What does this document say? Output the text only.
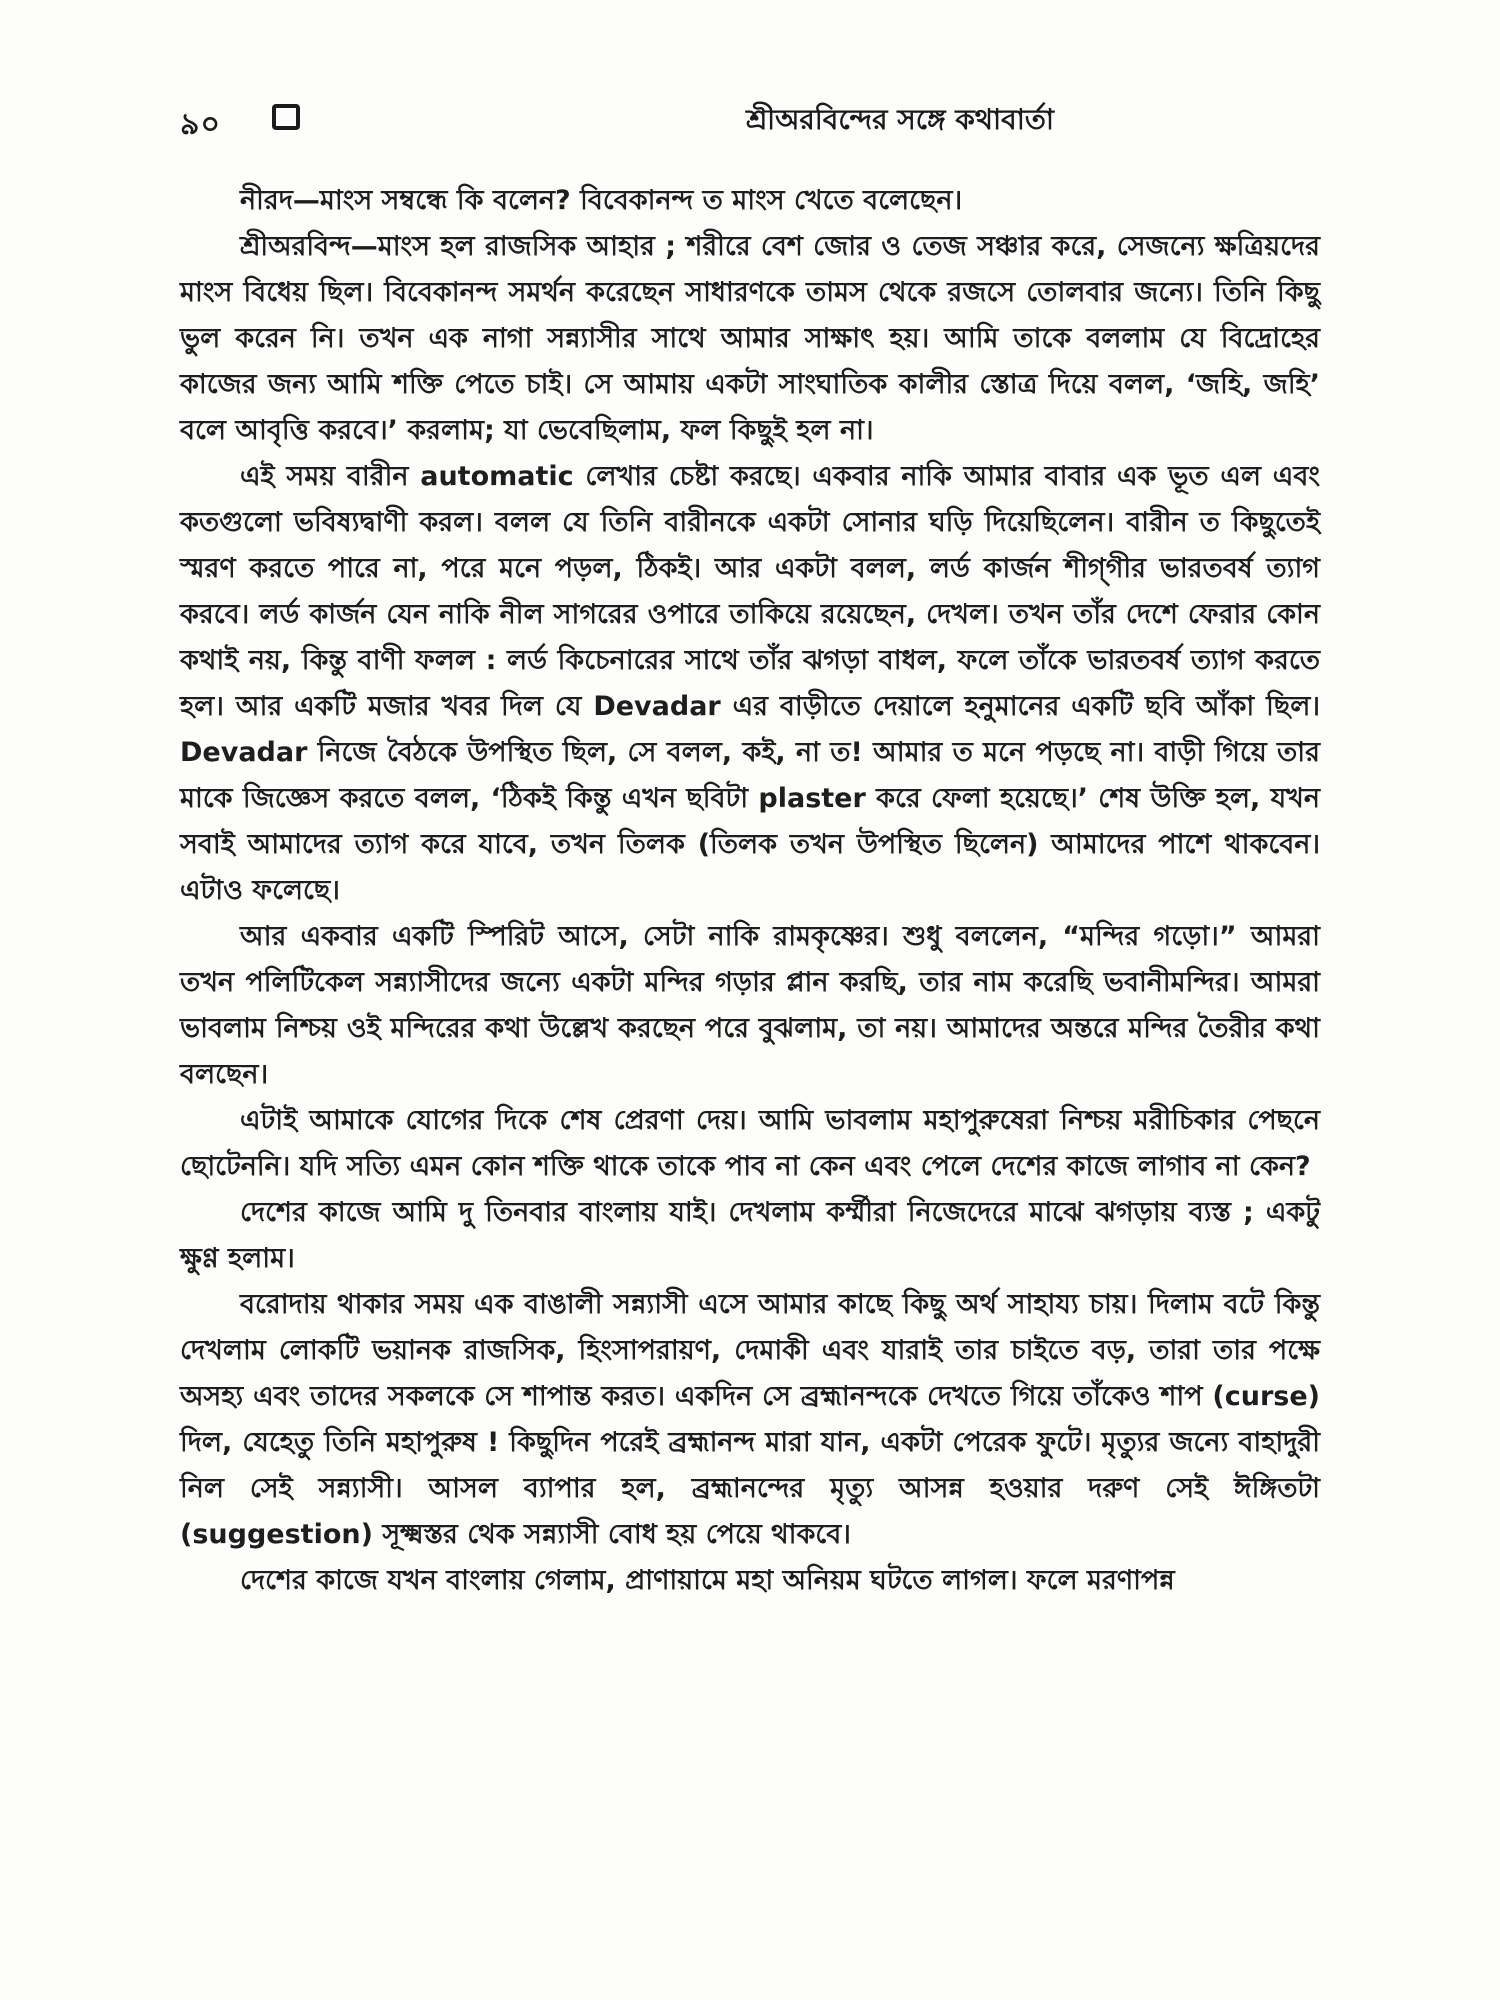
৯০	শ্রীঅরবিন্দের সঙ্গে কথাবার্তা

নীরদ—মাংস সম্বন্ধে কি বলেন? বিবেকানন্দ ত মাংস খেতে বলেছেন।

শ্রীঅরবিন্দ—মাংস হল রাজসিক আহার ; শরীরে বেশ জোর ও তেজ সঞ্চার করে, সেজন্যে ক্ষত্রিয়দের মাংস বিধেয় ছিল। বিবেকানন্দ সমর্থন করেছেন সাধারণকে তামস থেকে রজসে তোলবার জন্যে। তিনি কিছু ভুল করেন নি। তখন এক নাগা সন্ন্যাসীর সাথে আমার সাক্ষাৎ হয়। আমি তাকে বললাম যে বিদ্রোহের কাজের জন্য আমি শক্তি পেতে চাই। সে আমায় একটা সাংঘাতিক কালীর স্তোত্র দিয়ে বলল, ‘জহি, জহি’ বলে আবৃত্তি করবে।’ করলাম; যা ভেবেছিলাম, ফল কিছুই হল না।

এই সময় বারীন automatic লেখার চেষ্টা করছে। একবার নাকি আমার বাবার এক ভূত এল এবং কতগুলো ভবিষ্যদ্বাণী করল। বলল যে তিনি বারীনকে একটা সোনার ঘড়ি দিয়েছিলেন। বারীন ত কিছুতেই স্মরণ করতে পারে না, পরে মনে পড়ল, ঠিকই। আর একটা বলল, লর্ড কার্জন শীগ্‌গীর ভারতবর্ষ ত্যাগ করবে। লর্ড কার্জন যেন নাকি নীল সাগরের ওপারে তাকিয়ে রয়েছেন, দেখল। তখন তাঁর দেশে ফেরার কোন কথাই নয়, কিন্তু বাণী ফলল : লর্ড কিচেনারের সাথে তাঁর ঝগড়া বাধল, ফলে তাঁকে ভারতবর্ষ ত্যাগ করতে হল। আর একটি মজার খবর দিল যে Devadar এর বাড়ীতে দেয়ালে হনুমানের একটি ছবি আঁকা ছিল। Devadar নিজে বৈঠকে উপস্থিত ছিল, সে বলল, কই, না ত! আমার ত মনে পড়ছে না। বাড়ী গিয়ে তার মাকে জিজ্ঞেস করতে বলল, ‘ঠিকই কিন্তু এখন ছবিটা plaster করে ফেলা হয়েছে।’ শেষ উক্তি হল, যখন সবাই আমাদের ত্যাগ করে যাবে, তখন তিলক (তিলক তখন উপস্থিত ছিলেন) আমাদের পাশে থাকবেন। এটাও ফলেছে।

আর একবার একটি স্পিরিট আসে, সেটা নাকি রামকৃষ্ণের। শুধু বললেন, “মন্দির গড়ো।” আমরা তখন পলিটিকেল সন্ন্যাসীদের জন্যে একটা মন্দির গড়ার প্লান করছি, তার নাম করেছি ভবানীমন্দির। আমরা ভাবলাম নিশ্চয় ওই মন্দিরের কথা উল্লেখ করছেন পরে বুঝলাম, তা নয়। আমাদের অন্তরে মন্দির তৈরীর কথা বলছেন।

এটাই আমাকে যোগের দিকে শেষ প্রেরণা দেয়। আমি ভাবলাম মহাপুরুষেরা নিশ্চয় মরীচিকার পেছনে ছোটেননি। যদি সত্যি এমন কোন শক্তি থাকে তাকে পাব না কেন এবং পেলে দেশের কাজে লাগাব না কেন?

দেশের কাজে আমি দু তিনবার বাংলায় যাই। দেখলাম কর্ম্মীরা নিজেদেরে মাঝে ঝগড়ায় ব্যস্ত ; একটু ক্ষুণ্ণ হলাম।

বরোদায় থাকার সময় এক বাঙালী সন্ন্যাসী এসে আমার কাছে কিছু অর্থ সাহায্য চায়। দিলাম বটে কিন্তু দেখলাম লোকটি ভয়ানক রাজসিক, হিংসাপরায়ণ, দেমাকী এবং যারাই তার চাইতে বড়, তারা তার পক্ষে অসহ্য এবং তাদের সকলকে সে শাপান্ত করত। একদিন সে ব্রহ্মানন্দকে দেখতে গিয়ে তাঁকেও শাপ (curse) দিল, যেহেতু তিনি মহাপুরুষ ! কিছুদিন পরেই ব্রহ্মানন্দ মারা যান, একটা পেরেক ফুটে। মৃত্যুর জন্যে বাহাদুরী নিল সেই সন্ন্যাসী। আসল ব্যাপার হল, ব্রহ্মানন্দের মৃত্যু আসন্ন হওয়ার দরুণ সেই ঈঙ্গিতটা (suggestion) সূক্ষ্মস্তর থেক সন্ন্যাসী বোধ হয় পেয়ে থাকবে।

দেশের কাজে যখন বাংলায় গেলাম, প্রাণায়ামে মহা অনিয়ম ঘটতে লাগল। ফলে মরণাপন্ন
